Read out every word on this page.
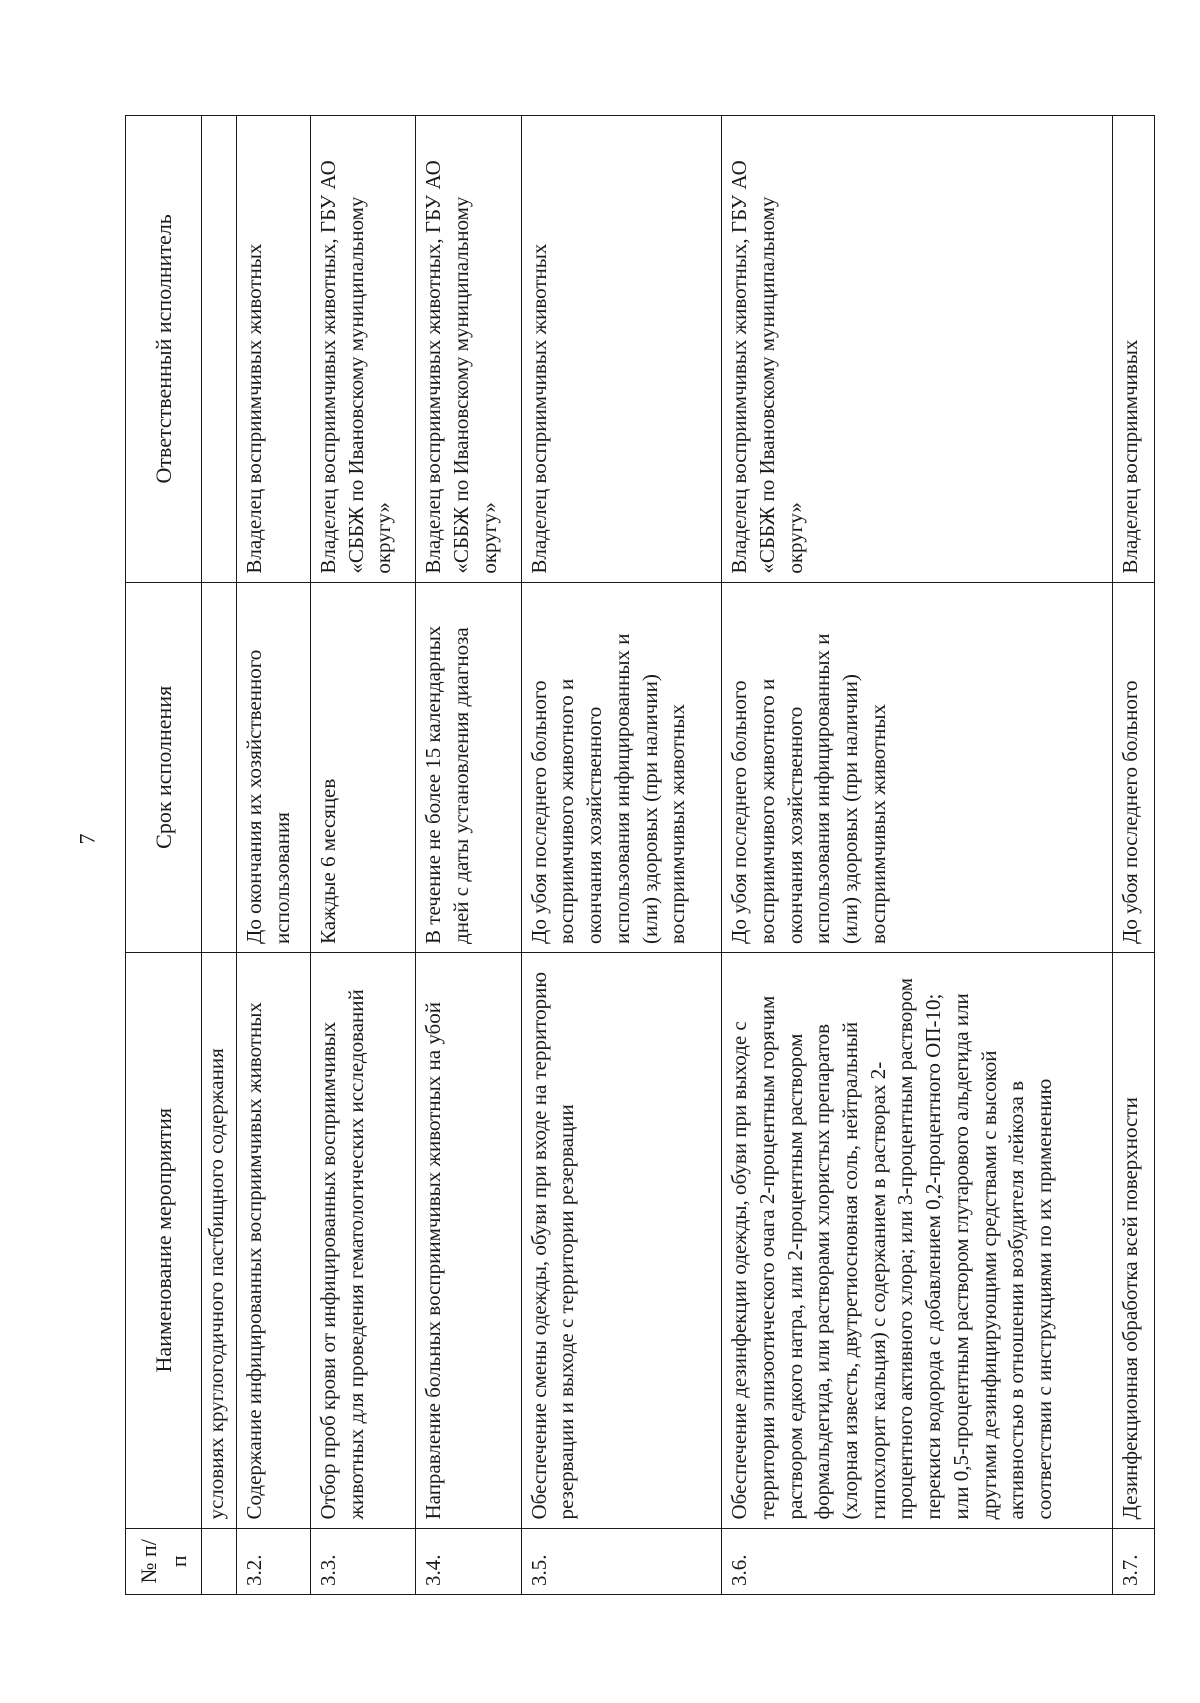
7
№ п/п	Наименование мероприятия	Срок исполнения	Ответственный исполнитель
	условиях круглогодичного пастбищного содержания		
3.2.	Содержание инфицированных восприимчивых животных	До окончания их хозяйственного использования	Владелец восприимчивых животных
3.3.	Отбор проб крови от инфицированных восприимчивых животных для проведения гематологических исследований	Каждые 6 месяцев	Владелец восприимчивых животных, ГБУ АО «СББЖ по Ивановскому муниципальному округу»
3.4.	Направление больных восприимчивых животных на убой	В течение не более 15 календарных дней с даты установления диагноза	Владелец восприимчивых животных, ГБУ АО «СББЖ по Ивановскому муниципальному округу»
3.5.	Обеспечение смены одежды, обуви при входе на территорию резервации и выходе с территории резервации	До убоя последнего больного восприимчивого животного и окончания хозяйственного использования инфицированных и (или) здоровых (при наличии) восприимчивых животных	Владелец восприимчивых животных
3.6.	Обеспечение дезинфекции одежды, обуви при выходе с территории эпизоотического очага 2-процентным горячим раствором едкого натра, или 2-процентным раствором формальдегида, или растворами хлористых препаратов (хлорная известь, двутретиосновная соль, нейтральный гипохлорит кальция) с содержанием в растворах 2-процентного активного хлора; или 3-процентным раствором перекиси водорода с добавлением 0,2-процентного ОП-10; или 0,5-процентным раствором глутарового альдегида или другими дезинфицирующими средствами с высокой активностью в отношении возбудителя лейкоза в соответствии с инструкциями по их применению	До убоя последнего больного восприимчивого животного и окончания хозяйственного использования инфицированных и (или) здоровых (при наличии) восприимчивых животных	Владелец восприимчивых животных, ГБУ АО «СББЖ по Ивановскому муниципальному округу»
3.7.	Дезинфекционная обработка всей поверхности	До убоя последнего больного	Владелец восприимчивых
